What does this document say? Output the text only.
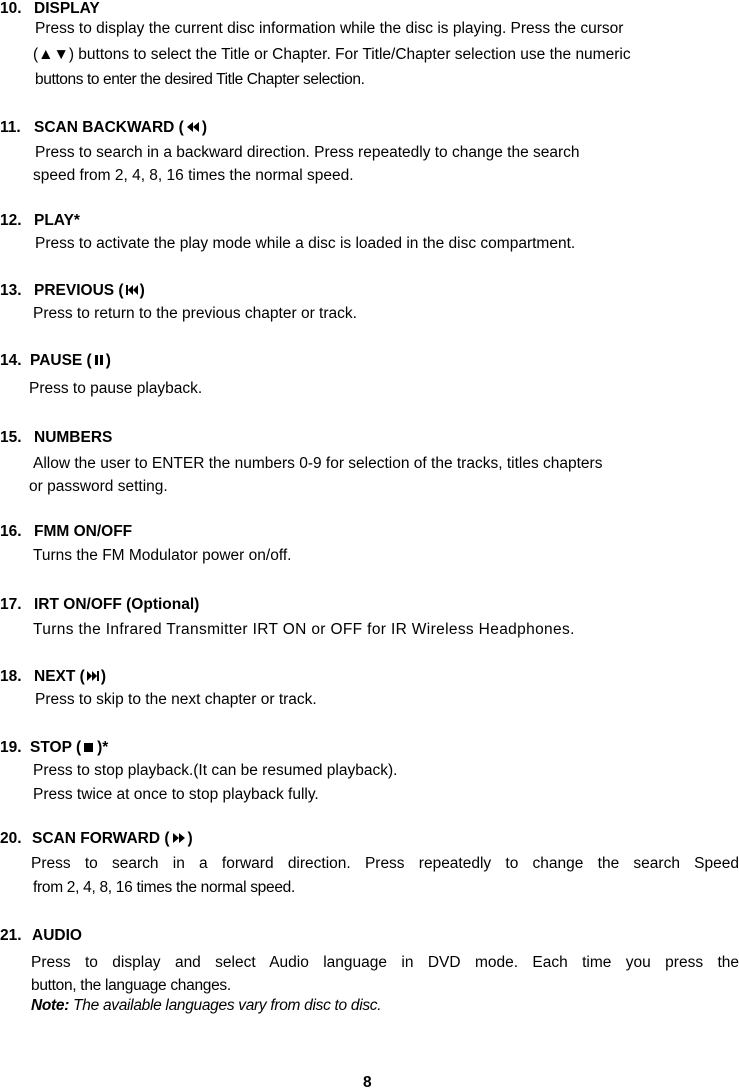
10. DISPLAY
Press to display the current disc information while the disc is playing. Press the cursor
(▲▼) buttons to select the Title or Chapter. For Title/Chapter selection use the numeric
buttons to enter the desired Title Chapter selection.
11. SCAN BACKWARD ( )
Press to search in a backward direction. Press repeatedly to change the search
speed from 2, 4, 8, 16 times the normal speed.
12. PLAY*
Press to activate the play mode while a disc is loaded in the disc compartment.
13. PREVIOUS ( )
Press to return to the previous chapter or track.
14. PAUSE ( )
Press to pause playback.
15. NUMBERS
Allow the user to ENTER the numbers 0-9 for selection of the tracks, titles chapters
or password setting.
16. FMM ON/OFF
Turns the FM Modulator power on/off.
17. IRT ON/OFF (Optional)
Turns the Infrared Transmitter IRT ON or OFF for IR Wireless Headphones.
18. NEXT ( )
Press to skip to the next chapter or track.
19. STOP ( )*
Press to stop playback.(It can be resumed playback).
Press twice at once to stop playback fully.
20. SCAN FORWARD ( )
Press to search in a forward direction. Press repeatedly to change the search Speed
from 2, 4, 8, 16 times the normal speed.
21. AUDIO
Press to display and select Audio language in DVD mode. Each time you press the
button, the language changes.
Note: The available languages vary from disc to disc.
8
